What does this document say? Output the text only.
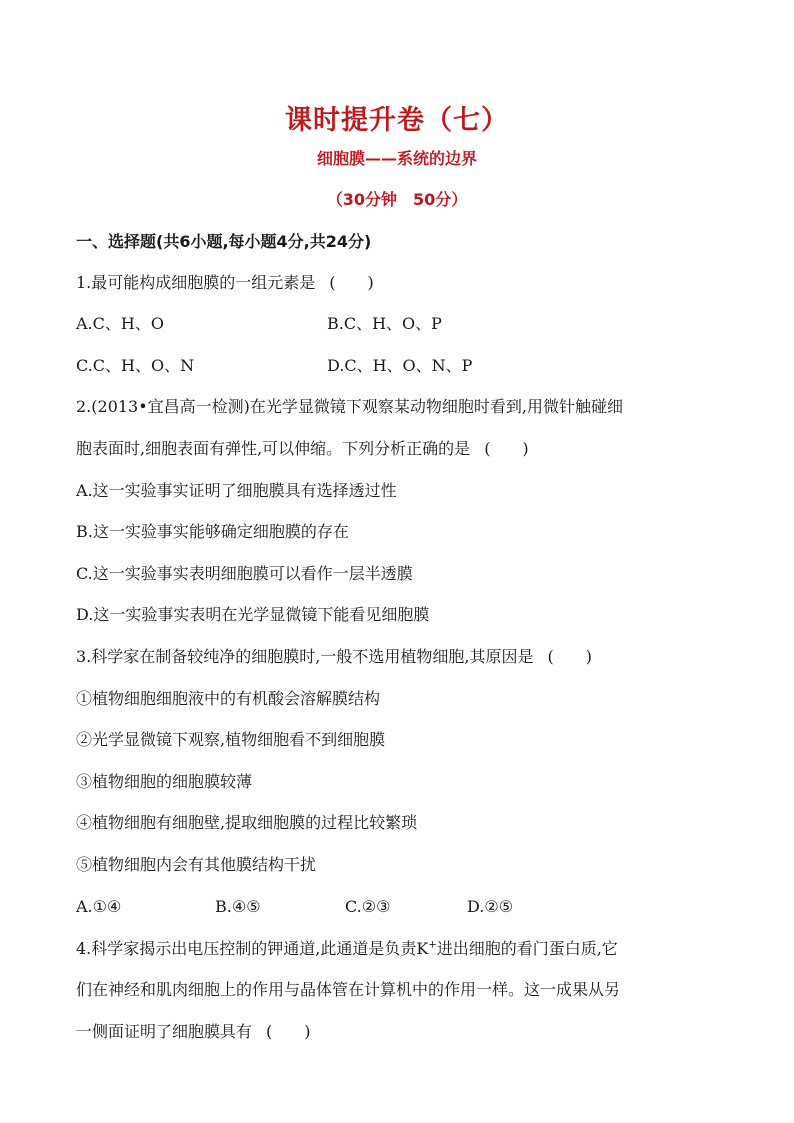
课时提升卷（七）
细胞膜——系统的边界
（30分钟　50分）
一、选择题(共6小题,每小题4分,共24分)
1.最可能构成细胞膜的一组元素是 (　　)
A.C、H、O	B.C、H、O、P
C.C、H、O、N	D.C、H、O、N、P
2.(2013•宜昌高一检测)在光学显微镜下观察某动物细胞时看到,用微针触碰细
胞表面时,细胞表面有弹性,可以伸缩。下列分析正确的是 (　　)
A.这一实验事实证明了细胞膜具有选择透过性
B.这一实验事实能够确定细胞膜的存在
C.这一实验事实表明细胞膜可以看作一层半透膜
D.这一实验事实表明在光学显微镜下能看见细胞膜
3.科学家在制备较纯净的细胞膜时,一般不选用植物细胞,其原因是 (　　)
①植物细胞细胞液中的有机酸会溶解膜结构
②光学显微镜下观察,植物细胞看不到细胞膜
③植物细胞的细胞膜较薄
④植物细胞有细胞壁,提取细胞膜的过程比较繁琐
⑤植物细胞内会有其他膜结构干扰
A.①④	B.④⑤	C.②③	D.②⑤
4.科学家揭示出电压控制的钾通道,此通道是负责K+进出细胞的看门蛋白质,它
们在神经和肌肉细胞上的作用与晶体管在计算机中的作用一样。这一成果从另
一侧面证明了细胞膜具有 (　　)
